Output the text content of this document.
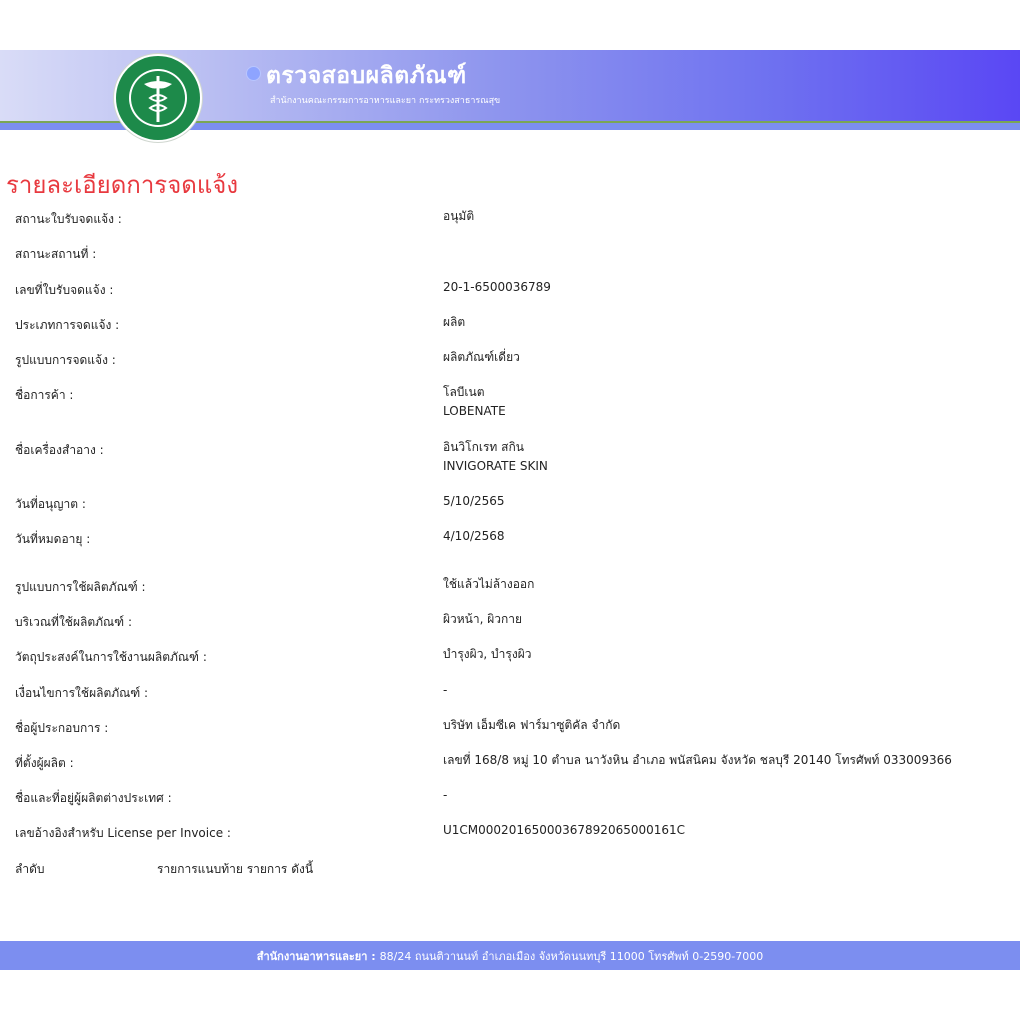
ตรวจสอบผลิตภัณฑ์
สำนักงานคณะกรรมการอาหารและยา กระทรวงสาธารณสุข
รายละเอียดการจดแจ้ง
สถานะใบรับจดแจ้ง :	อนุมัติ
สถานะสถานที่ :
เลขที่ใบรับจดแจ้ง :	20-1-6500036789
ประเภทการจดแจ้ง :	ผลิต
รูปแบบการจดแจ้ง :	ผลิตภัณฑ์เดี่ยว
ชื่อการค้า :	โลบีเนต
LOBENATE
ชื่อเครื่องสำอาง :	อินวิโกเรท สกิน
INVIGORATE SKIN
วันที่อนุญาต :	5/10/2565
วันที่หมดอายุ :	4/10/2568
รูปแบบการใช้ผลิตภัณฑ์ :	ใช้แล้วไม่ล้างออก
บริเวณที่ใช้ผลิตภัณฑ์ :	ผิวหน้า, ผิวกาย
วัตถุประสงค์ในการใช้งานผลิตภัณฑ์ :	บำรุงผิว, บำรุงผิว
เงื่อนไขการใช้ผลิตภัณฑ์ :	-
ชื่อผู้ประกอบการ :	บริษัท เอ็มซีเค ฟาร์มาซูติคัล จำกัด
ที่ตั้งผู้ผลิต :	เลขที่ 168/8 หมู่ 10 ตำบล นาวังหิน อำเภอ พนัสนิคม จังหวัด ชลบุรี 20140 โทรศัพท์ 033009366
ชื่อและที่อยู่ผู้ผลิตต่างประเทศ :	-
เลขอ้างอิงสำหรับ License per Invoice :	U1CM00020165000367892065000161C
ลำดับ	รายการแนบท้าย รายการ ดังนี้
สำนักงานอาหารและยา : 88/24 ถนนติวานนท์ อำเภอเมือง จังหวัดนนทบุรี 11000 โทรศัพท์ 0-2590-7000
